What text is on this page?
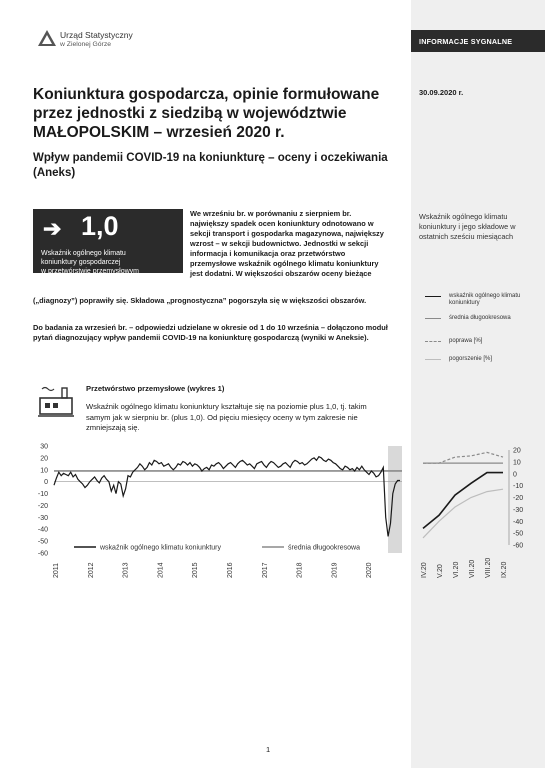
INFORMACJE SYGNALNE
30.09.2020 r.
Wskaźnik ogólnego klimatu koniunktury i jego składowe w ostatnich sześciu miesiącach
wskaźnik ogólnego klimatu koniunktury
średnia długookresowa
poprawa [%]
pogorszenie [%]
20
10
0
-10
-20
-30
-40
-50
-60
IV.20 V.20 VI.20 VII.20 VIII.20 IX.20
Urząd Statystyczny
w Zielonej Górze
Koniunktura gospodarcza, opinie formułowane przez jednostki z siedzibą w województwie MAŁOPOLSKIM – wrzesień 2020 r.
Wpływ pandemii COVID-19 na koniunkturę – oceny i oczekiwania (Aneks)
➔ 1,0
Wskaźnik ogólnego klimatu
koniunktury gospodarczej
w przetwórstwie przemysłowym
We wrześniu br. w porównaniu z sierpniem br. największy spadek ocen koniunktury odnotowano w sekcji transport i gospodarka magazynowa, największy wzrost – w sekcji budownictwo. Jednostki w sekcji informacja i komunikacja oraz przetwórstwo przemysłowe wskaźnik ogólnego klimatu koniunktury jest dodatni. W większości obszarów oceny bieżące
(„diagnozy”) poprawiły się. Składowa „prognostyczna” pogorszyła się w większości obszarów.
Do badania za wrzesień br. – odpowiedzi udzielane w okresie od 1 do 10 września – dołączono moduł pytań diagnozujący wpływ pandemii COVID-19 na koniunkturę gospodarczą (wyniki w Aneksie).
Przetwórstwo przemysłowe (wykres 1)
Wskaźnik ogólnego klimatu koniunktury kształtuje się na poziomie plus 1,0, tj. takim samym jak w sierpniu br. (plus 1,0). Od pięciu miesięcy oceny w tym zakresie nie zmniejszają się.
30
20
10
0
-10
-20
-30
-40
-50
-60
2011	2012	2013	2014	2015	2016	2017	2018	2019	2020
wskaźnik ogólnego klimatu koniunktury	średnia długookresowa
1
